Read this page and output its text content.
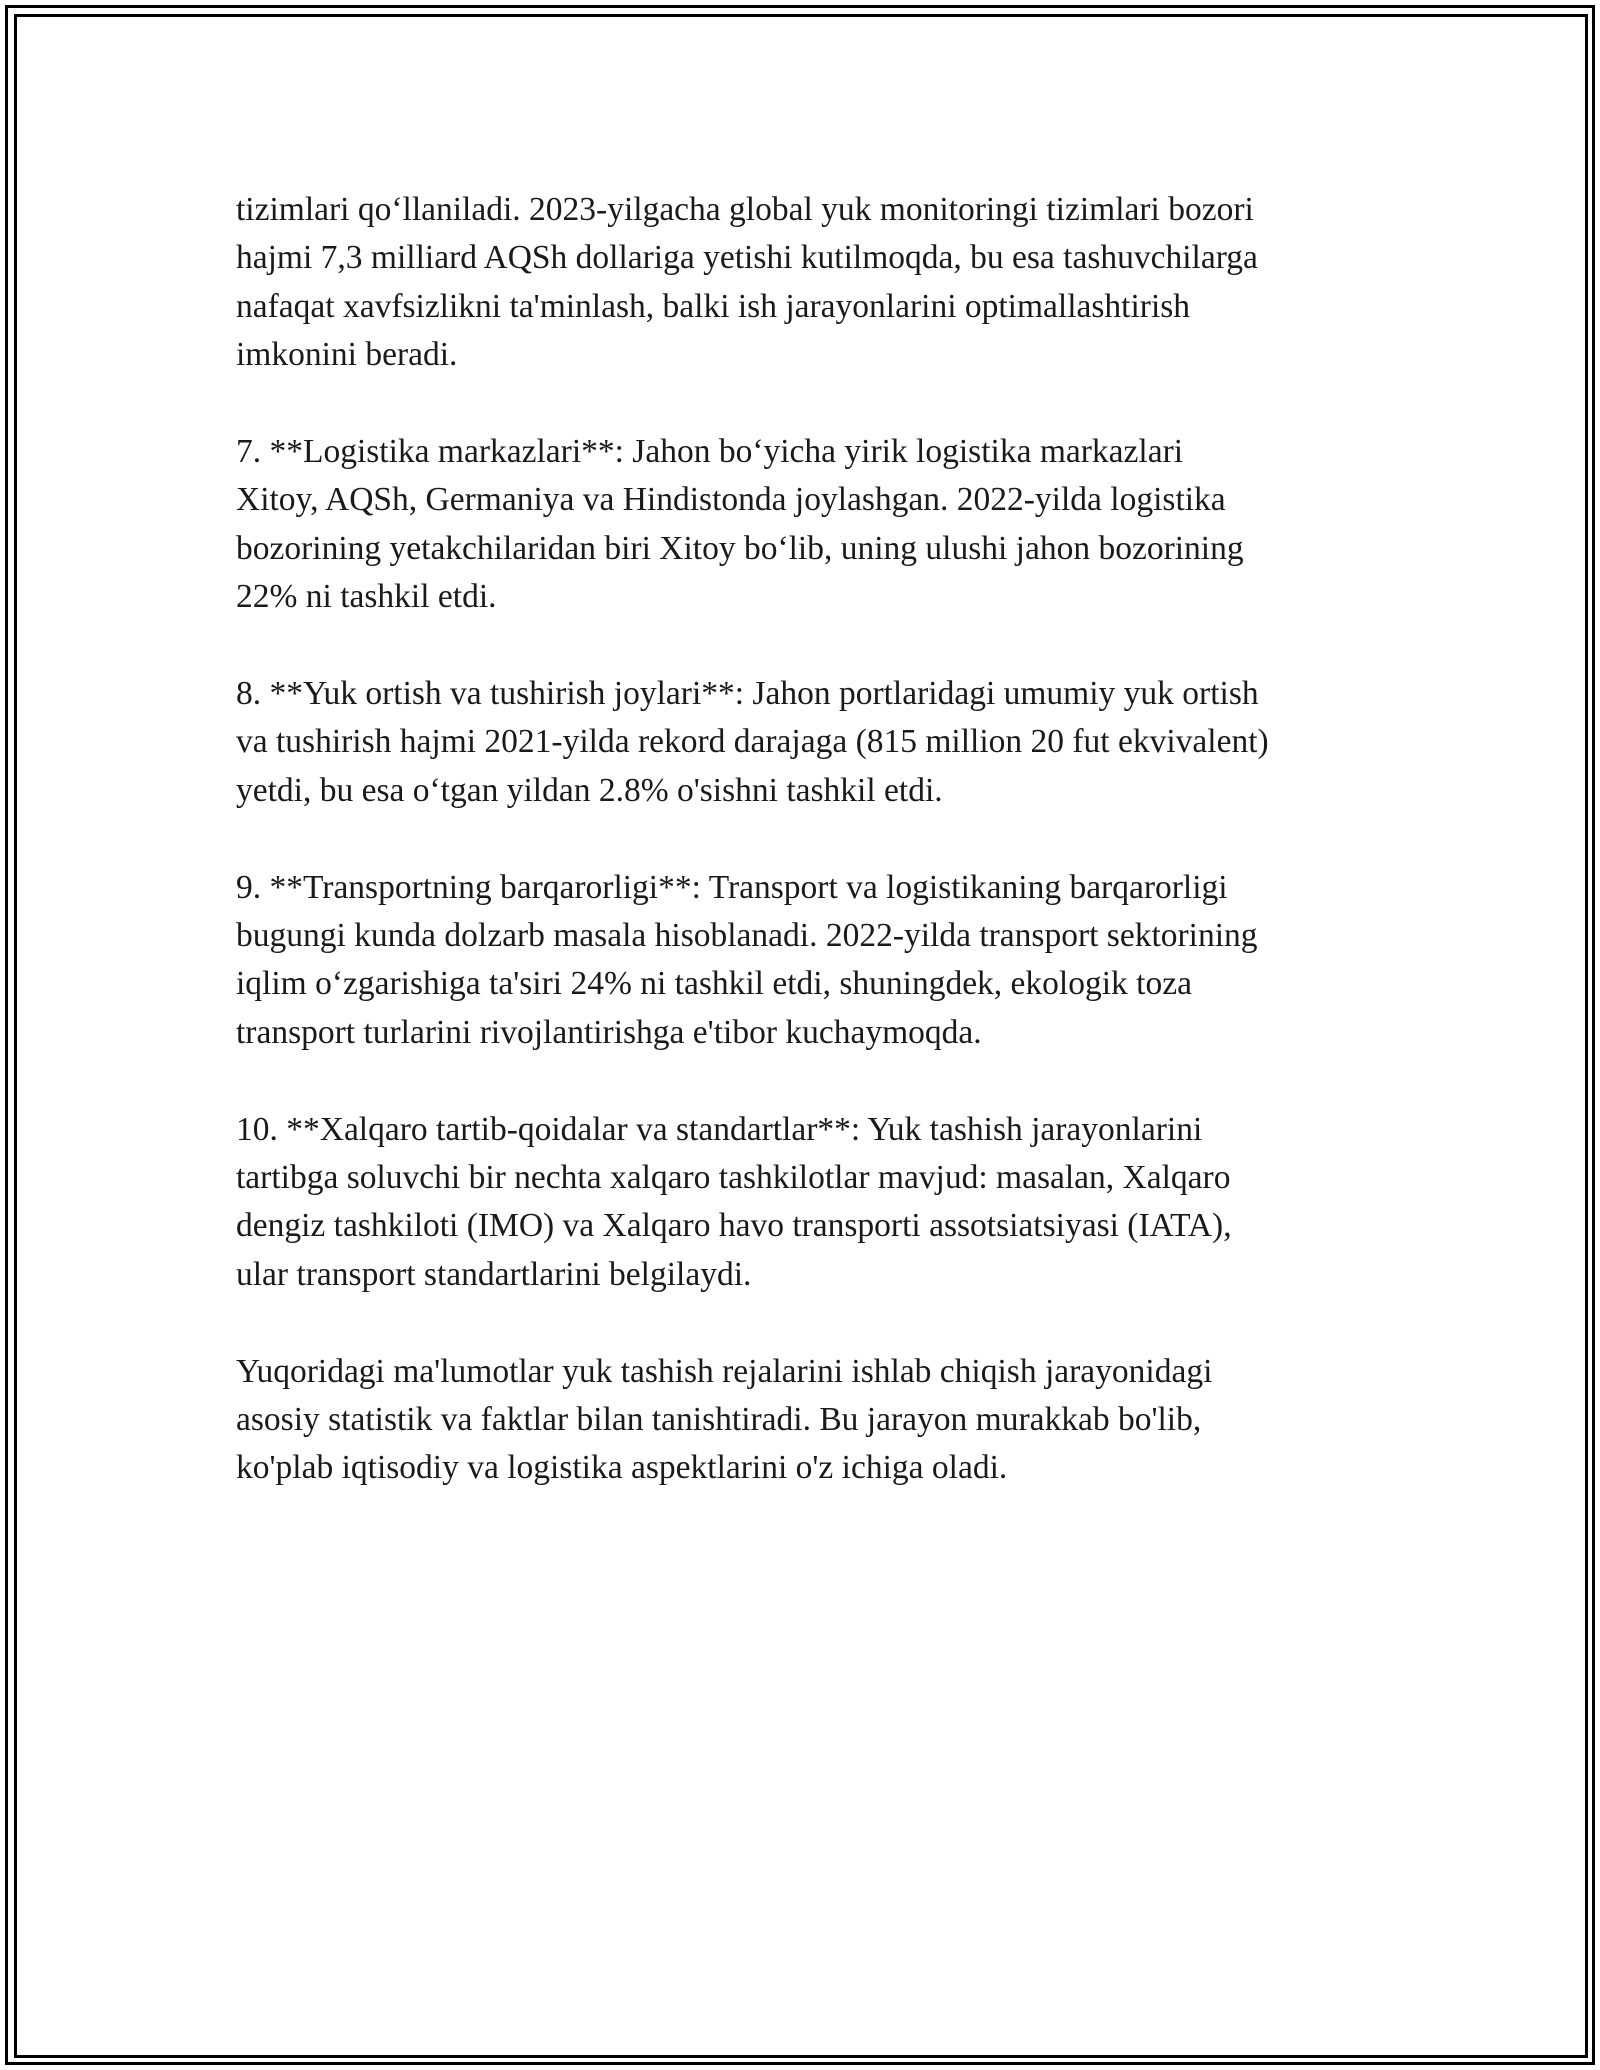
tizimlari qo‘llaniladi. 2023-yilgacha global yuk monitoringi tizimlari bozori
hajmi 7,3 milliard AQSh dollariga yetishi kutilmoqda, bu esa tashuvchilarga
nafaqat xavfsizlikni ta'minlash, balki ish jarayonlarini optimallashtirish
imkonini beradi.

7. **Logistika markazlari**: Jahon bo‘yicha yirik logistika markazlari
Xitoy, AQSh, Germaniya va Hindistonda joylashgan. 2022-yilda logistika
bozorining yetakchilaridan biri Xitoy bo‘lib, uning ulushi jahon bozorining
22% ni tashkil etdi.

8. **Yuk ortish va tushirish joylari**: Jahon portlaridagi umumiy yuk ortish
va tushirish hajmi 2021-yilda rekord darajaga (815 million 20 fut ekvivalent)
yetdi, bu esa o‘tgan yildan 2.8% o'sishni tashkil etdi.

9. **Transportning barqarorligi**: Transport va logistikaning barqarorligi
bugungi kunda dolzarb masala hisoblanadi. 2022-yilda transport sektorining
iqlim o‘zgarishiga ta'siri 24% ni tashkil etdi, shuningdek, ekologik toza
transport turlarini rivojlantirishga e'tibor kuchaymoqda.

10. **Xalqaro tartib-qoidalar va standartlar**: Yuk tashish jarayonlarini
tartibga soluvchi bir nechta xalqaro tashkilotlar mavjud: masalan, Xalqaro
dengiz tashkiloti (IMO) va Xalqaro havo transporti assotsiatsiyasi (IATA),
ular transport standartlarini belgilaydi.

Yuqoridagi ma'lumotlar yuk tashish rejalarini ishlab chiqish jarayonidagi
asosiy statistik va faktlar bilan tanishtiradi. Bu jarayon murakkab bo'lib,
ko'plab iqtisodiy va logistika aspektlarini o'z ichiga oladi.
